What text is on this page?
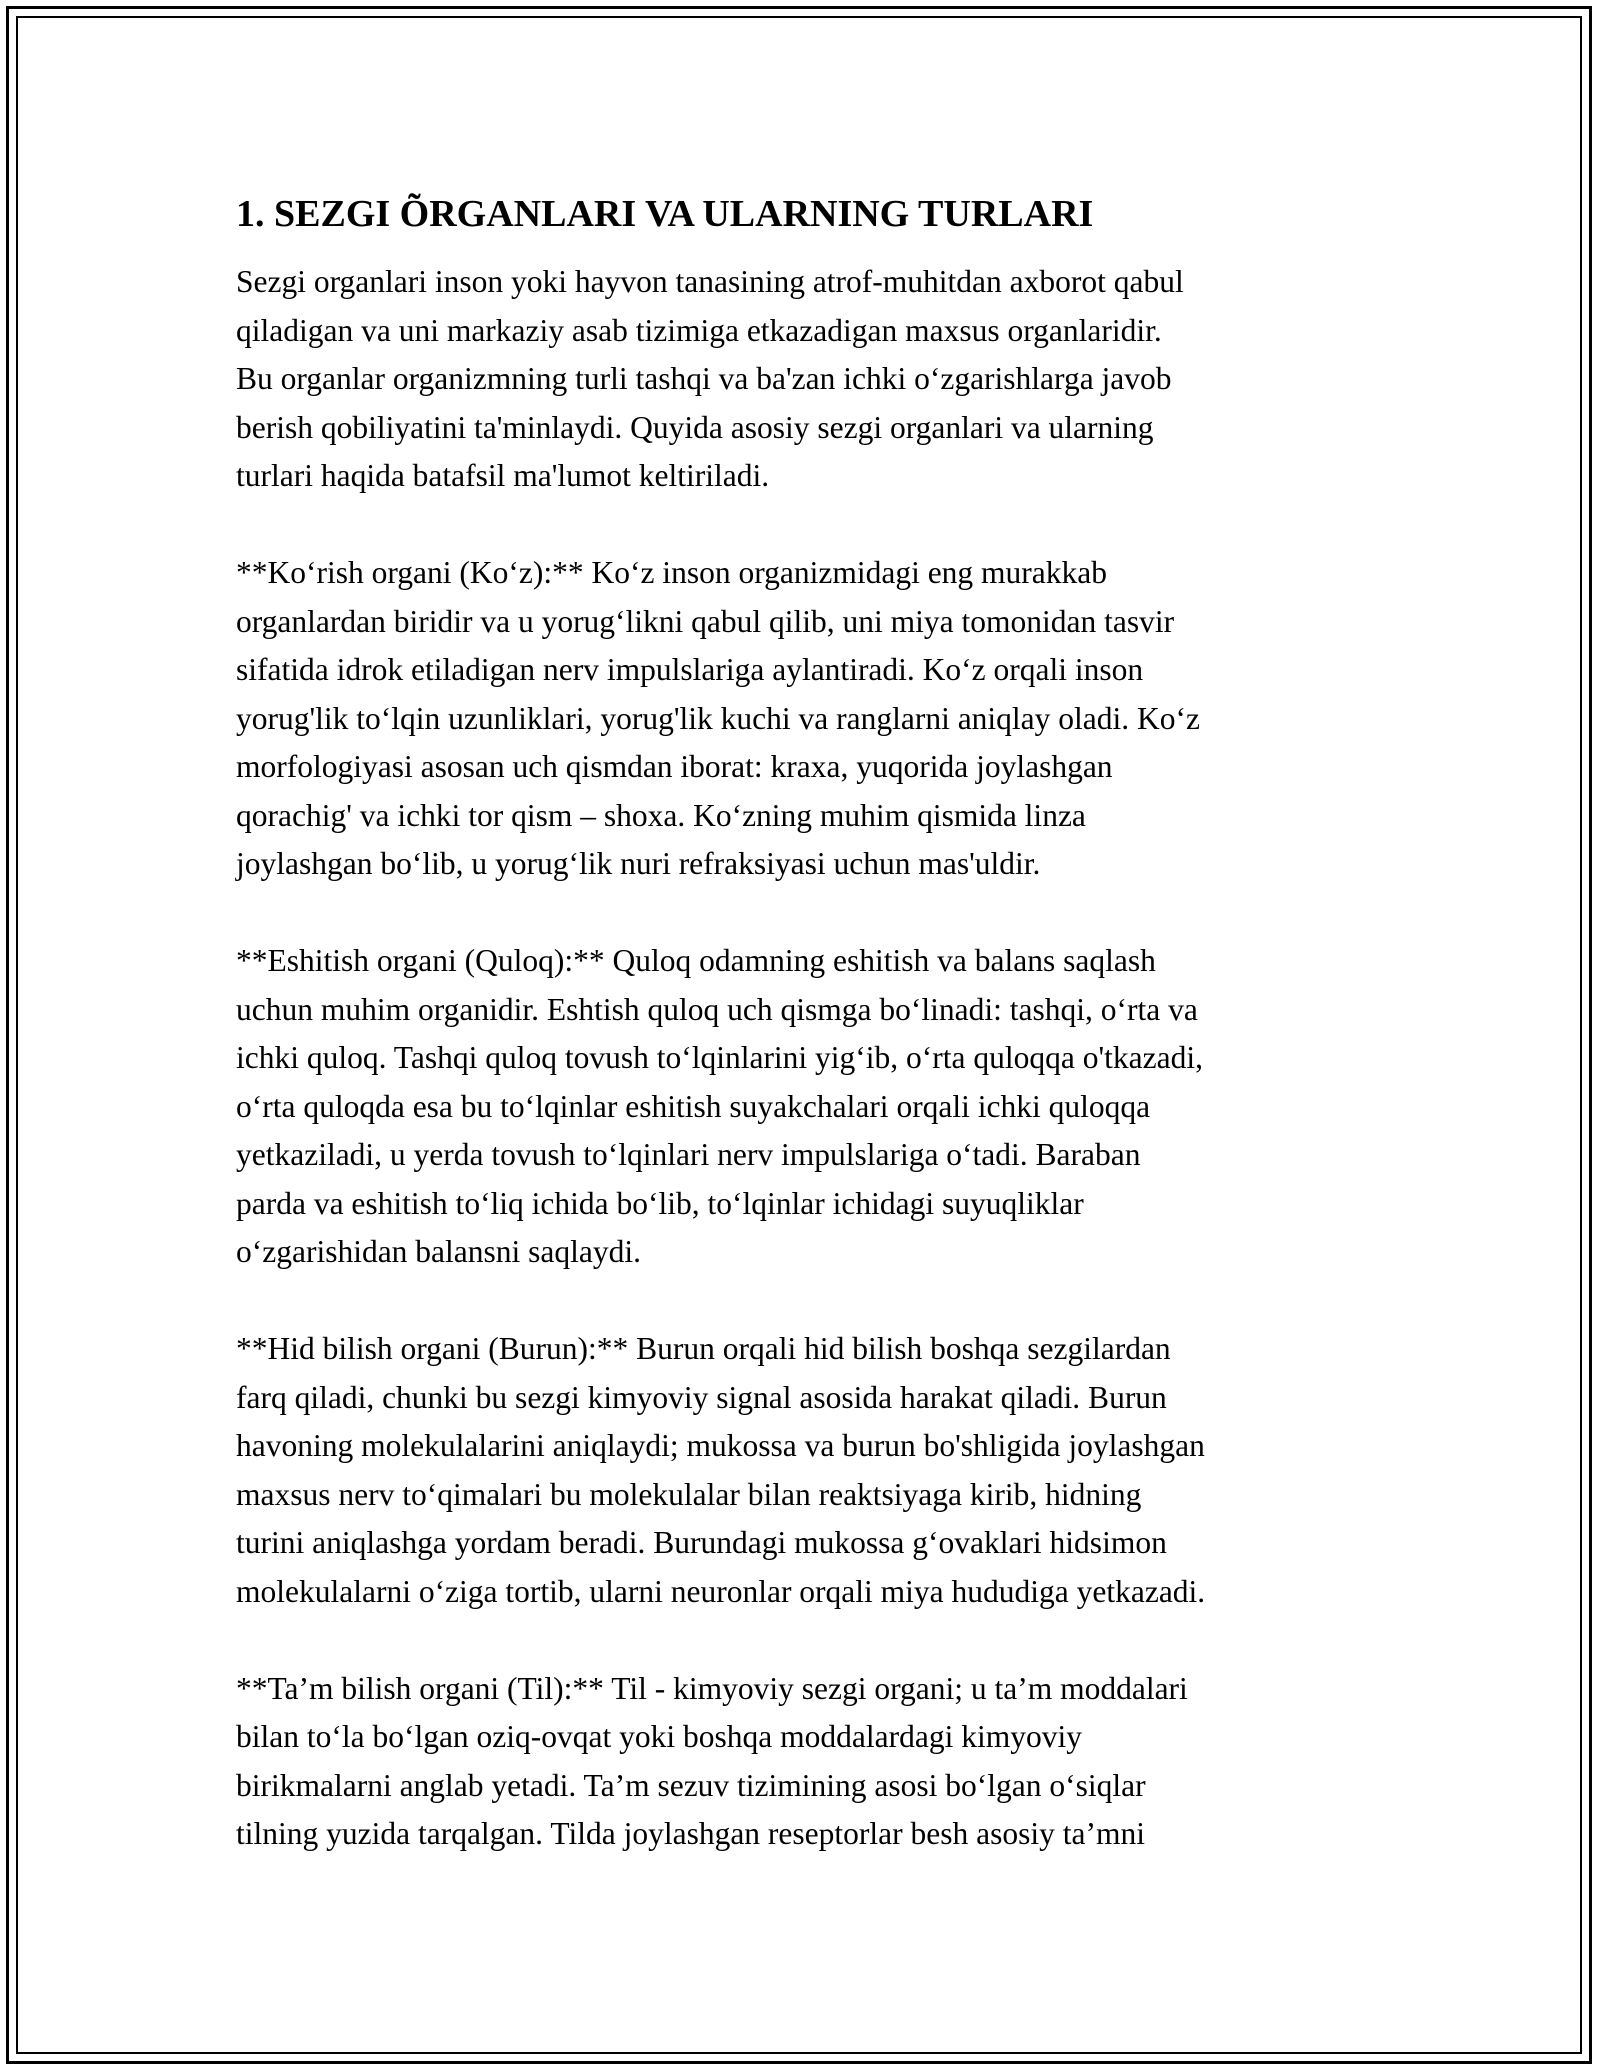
1. SEZGI ÕRGANLARI VA ULARNING TURLARI

Sezgi organlari inson yoki hayvon tanasining atrof-muhitdan axborot qabul
qiladigan va uni markaziy asab tizimiga etkazadigan maxsus organlaridir.
Bu organlar organizmning turli tashqi va ba'zan ichki o‘zgarishlarga javob
berish qobiliyatini ta'minlaydi. Quyida asosiy sezgi organlari va ularning
turlari haqida batafsil ma'lumot keltiriladi.

**Ko‘rish organi (Ko‘z):** Ko‘z inson organizmidagi eng murakkab
organlardan biridir va u yorug‘likni qabul qilib, uni miya tomonidan tasvir
sifatida idrok etiladigan nerv impulslariga aylantiradi. Ko‘z orqali inson
yorug'lik to‘lqin uzunliklari, yorug'lik kuchi va ranglarni aniqlay oladi. Ko‘z
morfologiyasi asosan uch qismdan iborat: kraxa, yuqorida joylashgan
qorachig' va ichki tor qism – shoxa. Ko‘zning muhim qismida linza
joylashgan bo‘lib, u yorug‘lik nuri refraksiyasi uchun mas'uldir.

**Eshitish organi (Quloq):** Quloq odamning eshitish va balans saqlash
uchun muhim organidir. Eshtish quloq uch qismga bo‘linadi: tashqi, o‘rta va
ichki quloq. Tashqi quloq tovush to‘lqinlarini yig‘ib, o‘rta quloqqa o'tkazadi,
o‘rta quloqda esa bu to‘lqinlar eshitish suyakchalari orqali ichki quloqqa
yetkaziladi, u yerda tovush to‘lqinlari nerv impulslariga o‘tadi. Baraban
parda va eshitish to‘liq ichida bo‘lib, to‘lqinlar ichidagi suyuqliklar
o‘zgarishidan balansni saqlaydi.

**Hid bilish organi (Burun):** Burun orqali hid bilish boshqa sezgilardan
farq qiladi, chunki bu sezgi kimyoviy signal asosida harakat qiladi. Burun
havoning molekulalarini aniqlaydi; mukossa va burun bo'shligida joylashgan
maxsus nerv to‘qimalari bu molekulalar bilan reaktsiyaga kirib, hidning
turini aniqlashga yordam beradi. Burundagi mukossa g‘ovaklari hidsimon
molekulalarni o‘ziga tortib, ularni neuronlar orqali miya hududiga yetkazadi.

**Ta’m bilish organi (Til):** Til - kimyoviy sezgi organi; u ta’m moddalari
bilan to‘la bo‘lgan oziq-ovqat yoki boshqa moddalardagi kimyoviy
birikmalarni anglab yetadi. Ta’m sezuv tizimining asosi bo‘lgan o‘siqlar
tilning yuzida tarqalgan. Tilda joylashgan reseptorlar besh asosiy ta’mni
